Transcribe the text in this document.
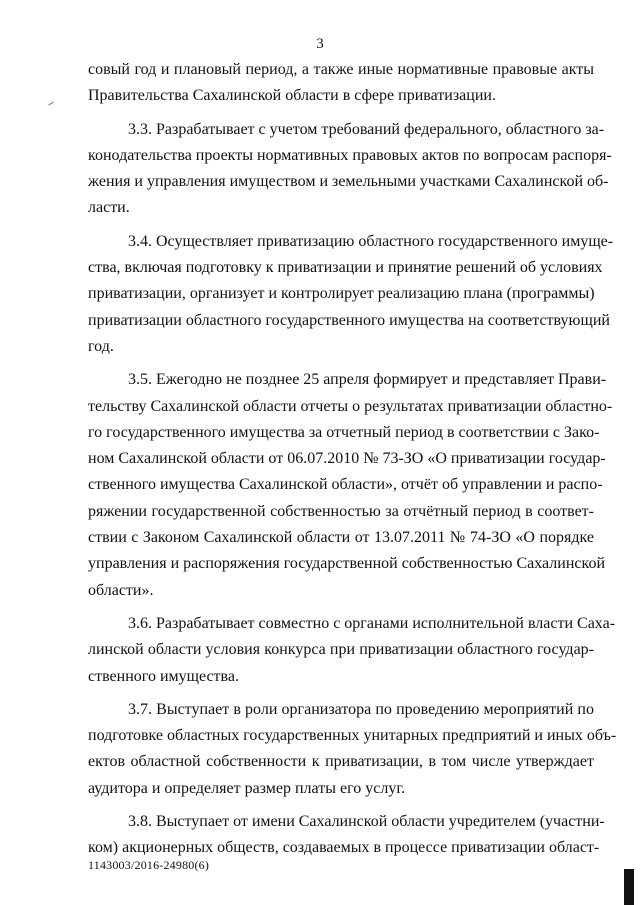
3
совый год и плановый период, а также иные нормативные правовые акты
Правительства Сахалинской области в сфере приватизации.
3.3. Разрабатывает с учетом требований федерального, областного за-
конодательства проекты нормативных правовых актов по вопросам распоря-
жения и управления имуществом и земельными участками Сахалинской об-
ласти.
3.4. Осуществляет приватизацию областного государственного имуще-
ства, включая подготовку к приватизации и принятие решений об условиях
приватизации, организует и контролирует реализацию плана (программы)
приватизации областного государственного имущества на соответствующий
год.
3.5. Ежегодно не позднее 25 апреля формирует и представляет Прави-
тельству Сахалинской области отчеты о результатах приватизации областно-
го государственного имущества за отчетный период в соответствии с Зако-
ном Сахалинской области от 06.07.2010 № 73-ЗО «О приватизации государ-
ственного имущества Сахалинской области», отчёт об управлении и распо-
ряжении государственной собственностью за отчётный период в соответ-
ствии с Законом Сахалинской области от 13.07.2011 № 74-ЗО «О порядке
управления и распоряжения государственной собственностью Сахалинской
области».
3.6. Разрабатывает совместно с органами исполнительной власти Саха-
линской области условия конкурса при приватизации областного государ-
ственного имущества.
3.7. Выступает в роли организатора по проведению мероприятий по
подготовке областных государственных унитарных предприятий и иных объ-
ектов областной собственности к приватизации, в том числе утверждает
аудитора и определяет размер платы его услуг.
3.8. Выступает от имени Сахалинской области учредителем (участни-
ком) акционерных обществ, создаваемых в процессе приватизации област-
1143003/2016-24980(6)
